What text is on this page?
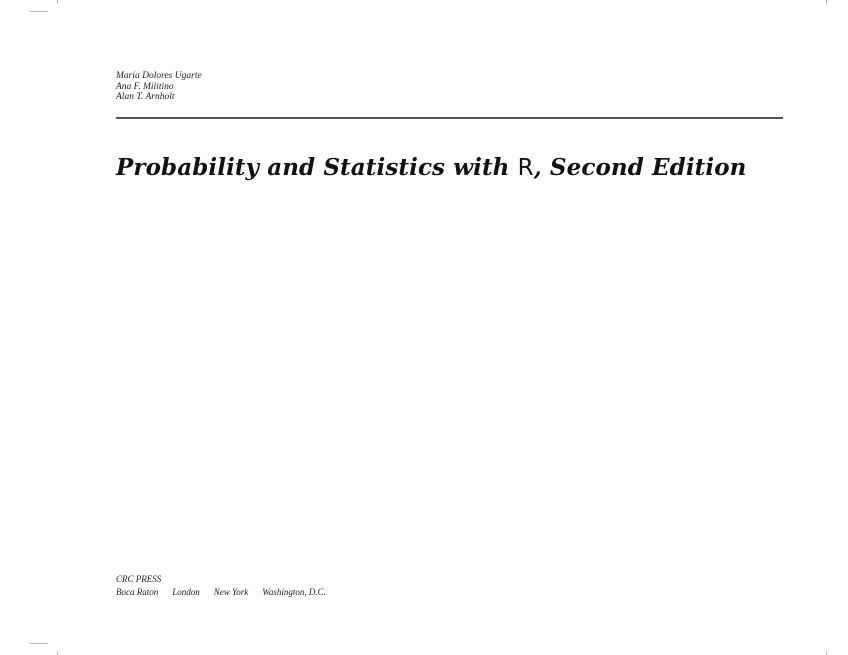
María Dolores Ugarte
Ana F. Militino
Alan T. Arnholt
Probability and Statistics with R, Second Edition
CRC PRESS
Boca Raton London New York Washington, D.C.
